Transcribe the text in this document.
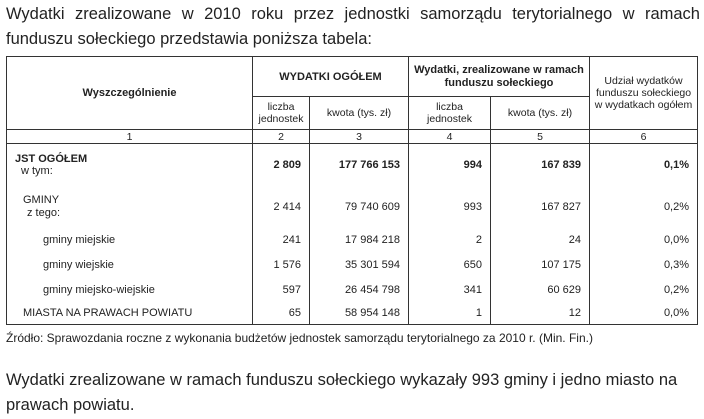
Wydatki zrealizowane w 2010 roku przez jednostki samorządu terytorialnego w ramach funduszu sołeckiego przedstawia poniższa tabela:

Wyszczególnienie	WYDATKI OGÓŁEM		Wydatki, zrealizowane w ramach funduszu sołeckiego		Udział wydatków funduszu sołeckiego w wydatkach ogółem
	liczba jednostek	kwota (tys. zł)	liczba jednostek	kwota (tys. zł)	
1	2	3	4	5	6
JST OGÓŁEM
w tym:	2 809	177 766 153	994	167 839	0,1%
GMINY
z tego:	2 414	79 740 609	993	167 827	0,2%
gminy miejskie	241	17 984 218	2	24	0,0%
gminy wiejskie	1 576	35 301 594	650	107 175	0,3%
gminy miejsko-wiejskie	597	26 454 798	341	60 629	0,2%
MIASTA NA PRAWACH POWIATU	65	58 954 148	1	12	0,0%

Źródło: Sprawozdania roczne z wykonania budżetów jednostek samorządu terytorialnego za 2010 r. (Min. Fin.)

Wydatki zrealizowane w ramach funduszu sołeckiego wykazały 993 gminy i jedno miasto na prawach powiatu.
